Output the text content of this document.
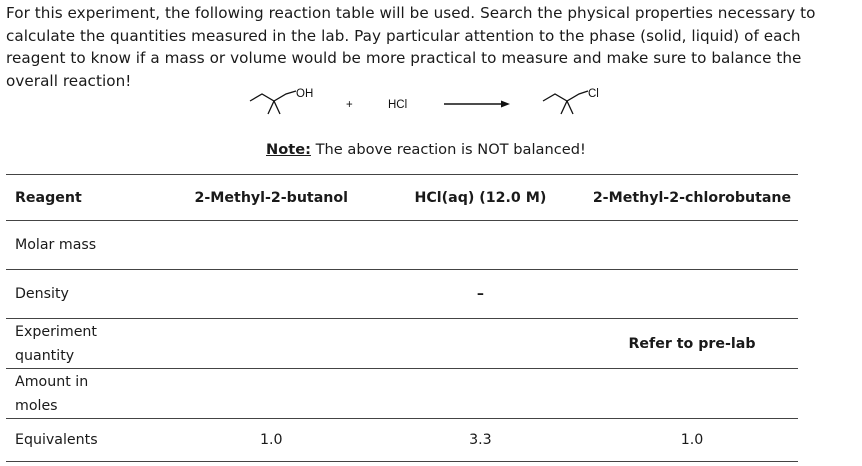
For this experiment, the following reaction table will be used. Search the physical properties necessary to calculate the quantities measured in the lab. Pay particular attention to the phase (solid, liquid) of each reagent to know if a mass or volume would be more practical to measure and make sure to balance the overall reaction!
OH
+	HCl
Cl
Note: The above reaction is NOT balanced!
Reagent	2-Methyl-2-butanol	HCl(aq) (12.0 M)	2-Methyl-2-chlorobutane
Molar mass			
Density		–	

Experiment
quantity			Refer to pre-lab

Amount in
moles			

Equivalents	1.0	3.3	1.0
